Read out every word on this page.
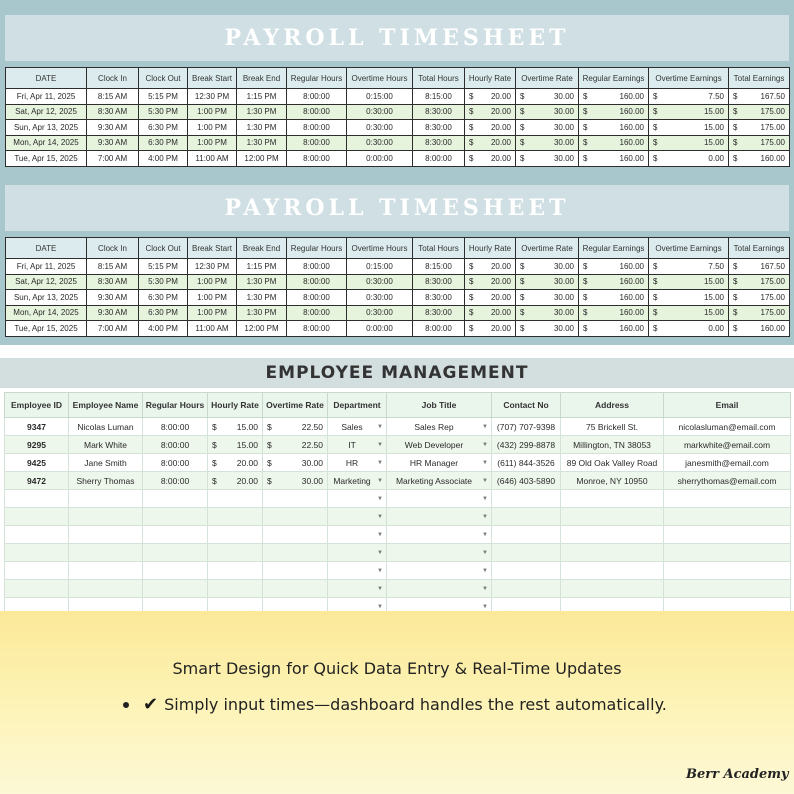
PAYROLL TIMESHEET
DATE	Clock In	Clock Out	Break Start	Break End	Regular Hours	Overtime Hours	Total Hours	Hourly Rate	Overtime Rate	Regular Earnings	Overtime Earnings	Total Earnings
Fri, Apr 11, 2025	8:15 AM	5:15 PM	12:30 PM	1:15 PM	8:00:00	0:15:00	8:15:00	$ 20.00	$ 30.00	$ 160.00	$ 7.50	$ 167.50
Sat, Apr 12, 2025	8:30 AM	5:30 PM	1:00 PM	1:30 PM	8:00:00	0:30:00	8:30:00	$ 20.00	$ 30.00	$ 160.00	$ 15.00	$ 175.00
Sun, Apr 13, 2025	9:30 AM	6:30 PM	1:00 PM	1:30 PM	8:00:00	0:30:00	8:30:00	$ 20.00	$ 30.00	$ 160.00	$ 15.00	$ 175.00
Mon, Apr 14, 2025	9:30 AM	6:30 PM	1:00 PM	1:30 PM	8:00:00	0:30:00	8:30:00	$ 20.00	$ 30.00	$ 160.00	$ 15.00	$ 175.00
Tue, Apr 15, 2025	7:00 AM	4:00 PM	11:00 AM	12:00 PM	8:00:00	0:00:00	8:00:00	$ 20.00	$ 30.00	$ 160.00	$ 0.00	$ 160.00
PAYROLL TIMESHEET
DATE	Clock In	Clock Out	Break Start	Break End	Regular Hours	Overtime Hours	Total Hours	Hourly Rate	Overtime Rate	Regular Earnings	Overtime Earnings	Total Earnings
Fri, Apr 11, 2025	8:15 AM	5:15 PM	12:30 PM	1:15 PM	8:00:00	0:15:00	8:15:00	$ 20.00	$ 30.00	$ 160.00	$ 7.50	$ 167.50
Sat, Apr 12, 2025	8:30 AM	5:30 PM	1:00 PM	1:30 PM	8:00:00	0:30:00	8:30:00	$ 20.00	$ 30.00	$ 160.00	$ 15.00	$ 175.00
Sun, Apr 13, 2025	9:30 AM	6:30 PM	1:00 PM	1:30 PM	8:00:00	0:30:00	8:30:00	$ 20.00	$ 30.00	$ 160.00	$ 15.00	$ 175.00
Mon, Apr 14, 2025	9:30 AM	6:30 PM	1:00 PM	1:30 PM	8:00:00	0:30:00	8:30:00	$ 20.00	$ 30.00	$ 160.00	$ 15.00	$ 175.00
Tue, Apr 15, 2025	7:00 AM	4:00 PM	11:00 AM	12:00 PM	8:00:00	0:00:00	8:00:00	$ 20.00	$ 30.00	$ 160.00	$ 0.00	$ 160.00
EMPLOYEE MANAGEMENT
Employee ID	Employee Name	Regular Hours	Hourly Rate	Overtime Rate	Department	Job Title	Contact No	Address	Email
9347	Nicolas Luman	8:00:00	$ 15.00	$ 22.50	Sales ▼	Sales Rep ▼	(707) 707-9398	75 Brickell St.	nicolasluman@email.com
9295	Mark White	8:00:00	$ 15.00	$ 22.50	IT ▼	Web Developer ▼	(432) 299-8878	Millington, TN 38053	markwhite@email.com
9425	Jane Smith	8:00:00	$ 20.00	$ 30.00	HR ▼	HR Manager ▼	(611) 844-3526	89 Old Oak Valley Road	janesmith@email.com
9472	Sherry Thomas	8:00:00	$ 20.00	$ 30.00	Marketing ▼	Marketing Associate ▼	(646) 403-5890	Monroe, NY 10950	sherrythomas@email.com

					▼	▼			

					▼	▼			

					▼	▼			

					▼	▼			

					▼	▼			

					▼	▼			

					▼	▼			

Smart Design for Quick Data Entry & Real-Time Updates
✔ Simply input times—dashboard handles the rest automatically.
Berr Academy
